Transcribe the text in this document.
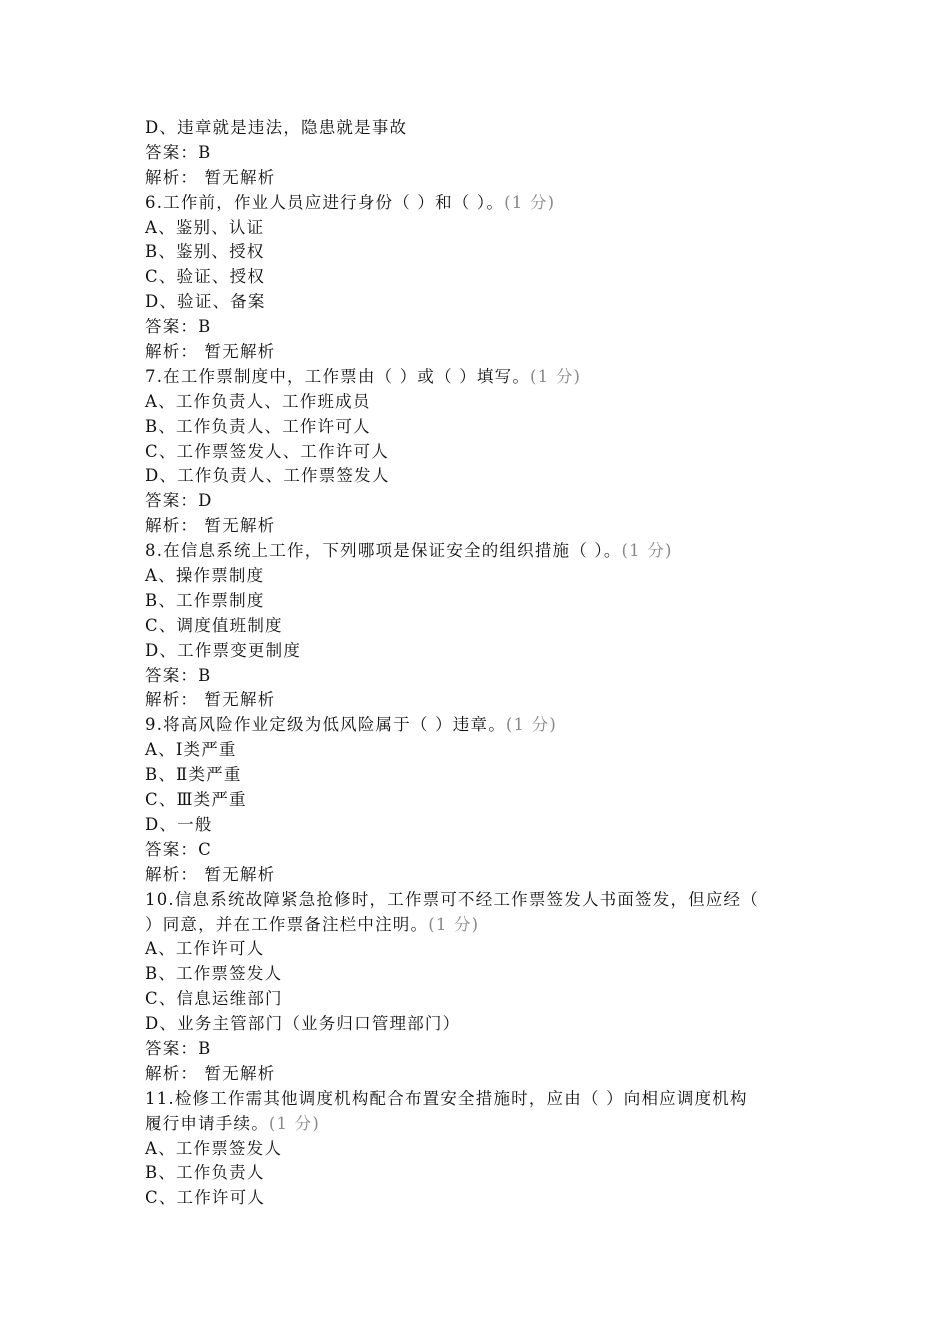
D、违章就是违法，隐患就是事故
答案：B
解析： 暂无解析
6.工作前，作业人员应进行身份（ ）和（ ）。(1 分)
A、鉴别、认证
B、鉴别、授权
C、验证、授权
D、验证、备案
答案：B
解析： 暂无解析
7.在工作票制度中，工作票由（ ）或（ ）填写。(1 分)
A、工作负责人、工作班成员
B、工作负责人、工作许可人
C、工作票签发人、工作许可人
D、工作负责人、工作票签发人
答案：D
解析： 暂无解析
8.在信息系统上工作，下列哪项是保证安全的组织措施（ ）。(1 分)
A、操作票制度
B、工作票制度
C、调度值班制度
D、工作票变更制度
答案：B
解析： 暂无解析
9.将高风险作业定级为低风险属于（ ）违章。(1 分)
A、Ⅰ类严重
B、Ⅱ类严重
C、Ⅲ类严重
D、一般
答案：C
解析： 暂无解析
10.信息系统故障紧急抢修时，工作票可不经工作票签发人书面签发，但应经（
）同意，并在工作票备注栏中注明。(1 分)
A、工作许可人
B、工作票签发人
C、信息运维部门
D、业务主管部门（业务归口管理部门）
答案：B
解析： 暂无解析
11.检修工作需其他调度机构配合布置安全措施时，应由（ ）向相应调度机构
履行申请手续。(1 分)
A、工作票签发人
B、工作负责人
C、工作许可人
